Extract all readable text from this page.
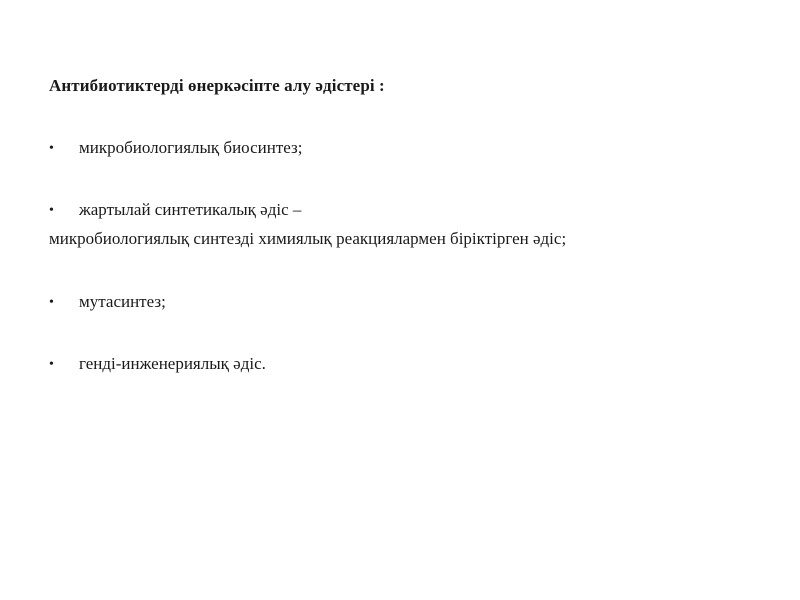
Антибиотиктерді өнеркәсіпте алу әдістері :
• микробиологиялық биосинтез;
• жартылай синтетикалық әдіс –
микробиологиялық синтезді химиялық реакциялармен біріктірген әдіс;
• мутасинтез;
• генді-инженериялық әдіс.
